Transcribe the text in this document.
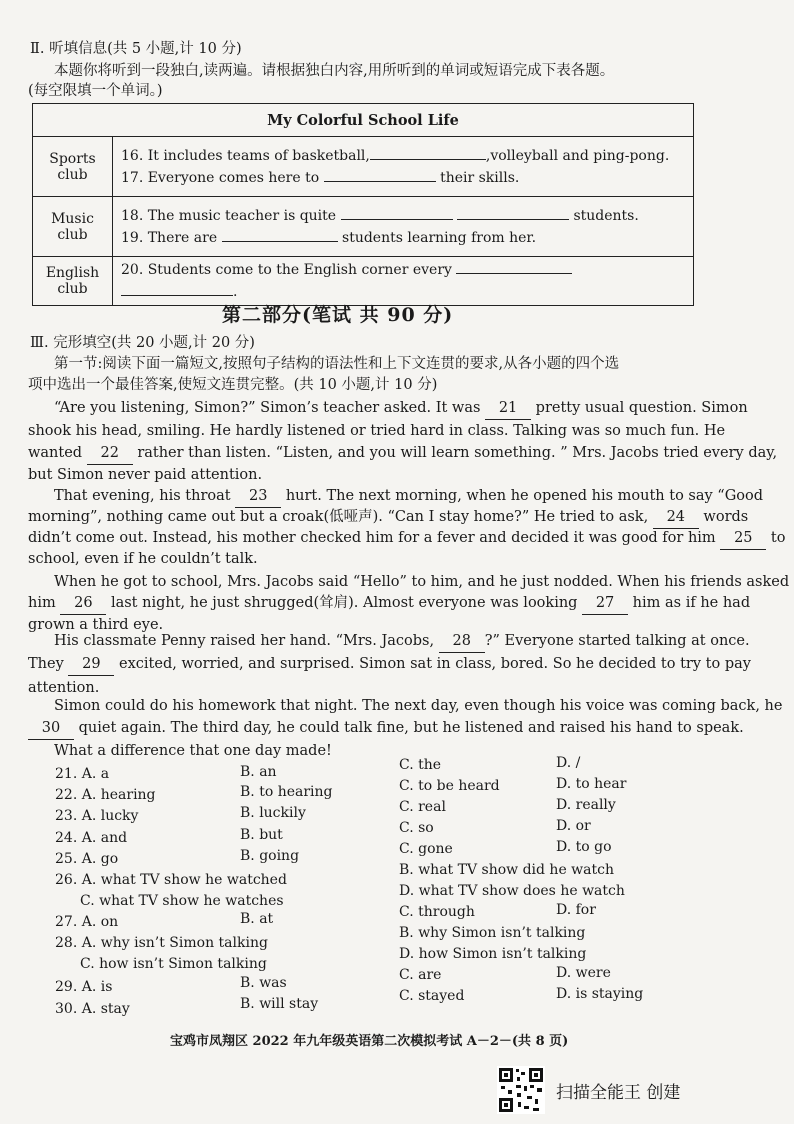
Ⅱ. 听填信息(共 5 小题,计 10 分)
本题你将听到一段独白,读两遍。请根据独白内容,用所听到的单词或短语完成下表各题。
(每空限填一个单词。)
My Colorful School Life	
Sports club	16. It includes teams of basketball, ,volleyball and ping-pong.
17. Everyone comes here to their skills.

Music club	18. The music teacher is quite students.
19. There are students learning from her.

English club	20. Students come to the English corner every  .
第二部分(笔试 共 90 分)
Ⅲ. 完形填空(共 20 小题,计 20 分)
第一节:阅读下面一篇短文,按照句子结构的语法性和上下文连贯的要求,从各小题的四个选
项中选出一个最佳答案,使短文连贯完整。(共 10 小题,计 10 分)
“Are you listening, Simon?” Simon’s teacher asked. It was 21 pretty usual question. Simon
shook his head, smiling. He hardly listened or tried hard in class. Talking was so much fun. He
wanted 22 rather than listen. “Listen, and you will learn something. ” Mrs. Jacobs tried every day,
but Simon never paid attention.
That evening, his throat 23 hurt. The next morning, when he opened his mouth to say “Good
morning”, nothing came out but a croak(低哑声). “Can I stay home?” He tried to ask, 24 words
didn’t come out. Instead, his mother checked him for a fever and decided it was good for him 25 to
school, even if he couldn’t talk.
When he got to school, Mrs. Jacobs said “Hello” to him, and he just nodded. When his friends asked
him 26 last night, he just shrugged(耸肩). Almost everyone was looking 27 him as if he had
grown a third eye.
His classmate Penny raised her hand. “Mrs. Jacobs, 28 ?” Everyone started talking at once.
They 29 excited, worried, and surprised. Simon sat in class, bored. So he decided to try to pay
attention.
Simon could do his homework that night. The next day, even though his voice was coming back, he
30 quiet again. The third day, he could talk fine, but he listened and raised his hand to speak.
What a difference that one day made!
21. A. a	B. an	C. the	D. /
22. A. hearing	B. to hearing	C. to be heard	D. to hear
23. A. lucky	B. luckily	C. real	D. really
24. A. and	B. but	C. so	D. or
25. A. go	B. going	C. gone	D. to go
26. A. what TV show he watched
B. what TV show did he watch
C. what TV show he watches
D. what TV show does he watch
27. A. on	B. at	C. through	D. for
28. A. why isn’t Simon talking
B. why Simon isn’t talking
C. how isn’t Simon talking
D. how Simon isn’t talking
29. A. is	B. was	C. are	D. were
30. A. stay	B. will stay	C. stayed	D. is staying
宝鸡市凤翔区 2022 年九年级英语第二次模拟考试 A－2－(共 8 页)
扫描全能王 创建
